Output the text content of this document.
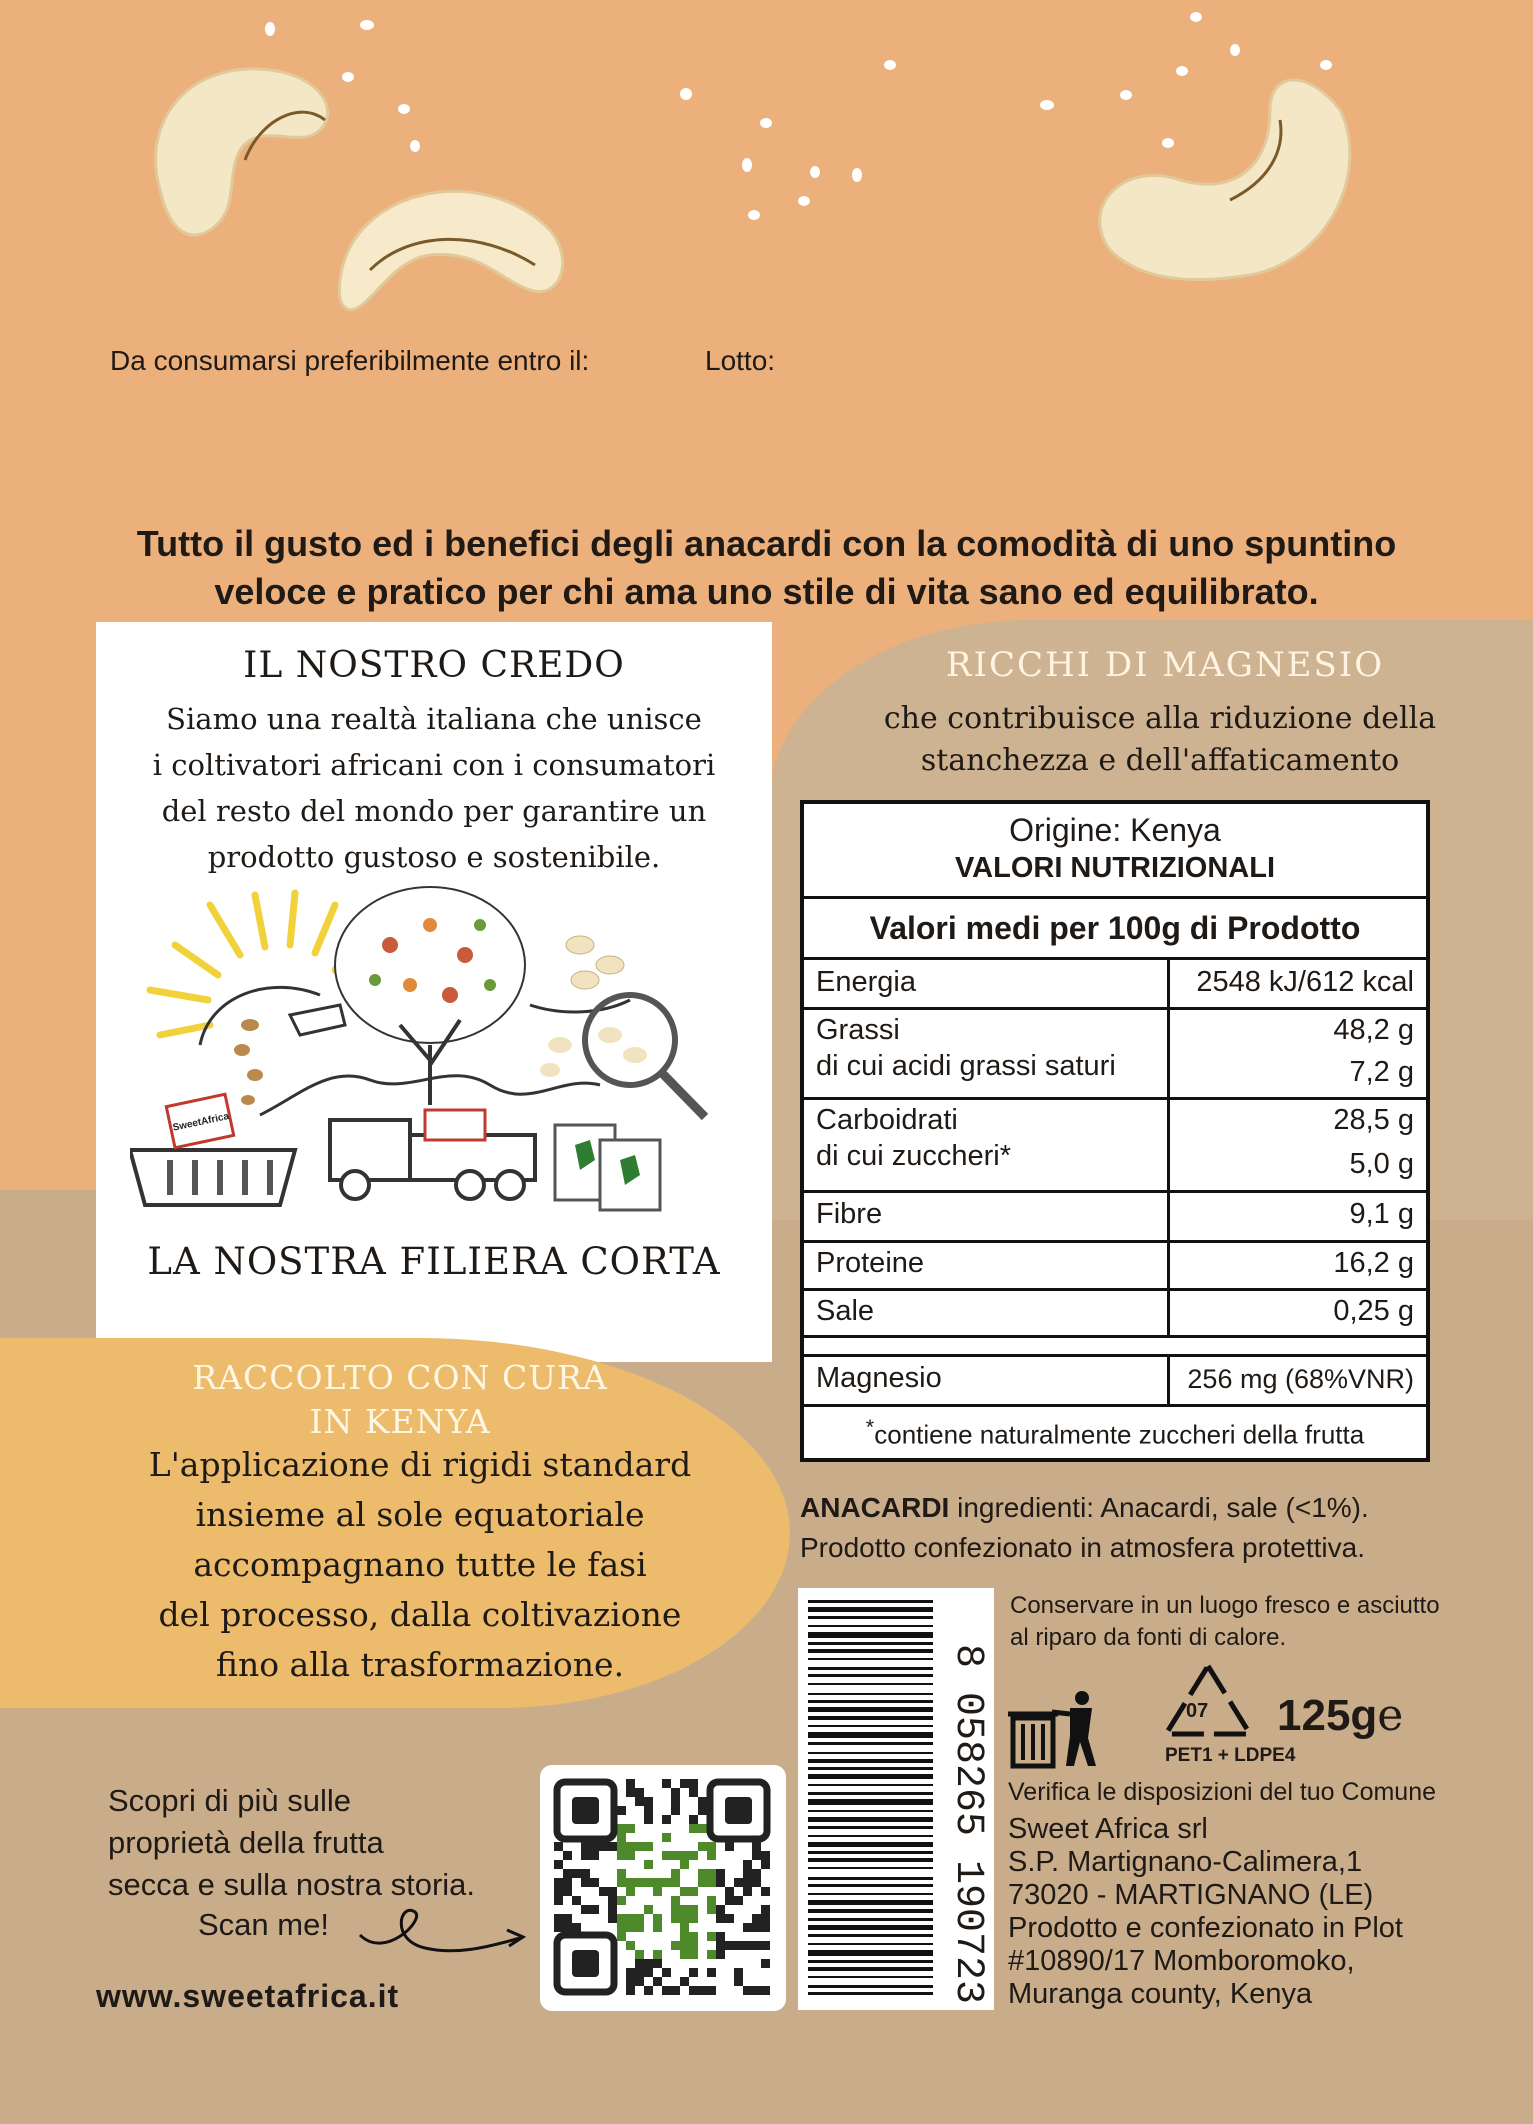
Da consumarsi preferibilmente entro il:	Lotto:
Tutto il gusto ed i benefici degli anacardi con la comodità di uno spuntino
veloce e pratico per chi ama uno stile di vita sano ed equilibrato.
IL NOSTRO CREDO
Siamo una realtà italiana che unisce
i coltivatori africani con i consumatori
del resto del mondo per garantire un
prodotto gustoso e sostenibile.
SweetAfrica
LA NOSTRA FILIERA CORTA
RACCOLTO CON CURA
IN KENYA
L'applicazione di rigidi standard
insieme al sole equatoriale
accompagnano tutte le fasi
del processo, dalla coltivazione
fino alla trasformazione.
RICCHI DI MAGNESIO
che contribuisce alla riduzione della
stanchezza e dell'affaticamento
Origine: Kenya
VALORI NUTRIZIONALI
Valori medi per 100g di Prodotto
Energia	2548 kJ/612 kcal
Grassi	48,2 g
di cui acidi grassi saturi	7,2 g
Carboidrati	28,5 g
di cui zuccheri*	5,0 g
Fibre	9,1 g
Proteine	16,2 g
Sale	0,25 g
Magnesio	256 mg (68%VNR)
*contiene naturalmente zuccheri della frutta
ANACARDI ingredienti: Anacardi, sale (<1%).
Prodotto confezionato in atmosfera protettiva.
8 058265 190723
Conservare in un luogo fresco e asciutto
al riparo da fonti di calore.
07
PET1 + LDPE4
125ge
Verifica le disposizioni del tuo Comune
Sweet Africa srl
S.P. Martignano-Calimera,1
73020 - MARTIGNANO (LE)
Prodotto e confezionato in Plot
#10890/17 Momboromoko,
Muranga county, Kenya
Scopri di più sulle
proprietà della frutta
secca e sulla nostra storia.
Scan me!
www.sweetafrica.it
